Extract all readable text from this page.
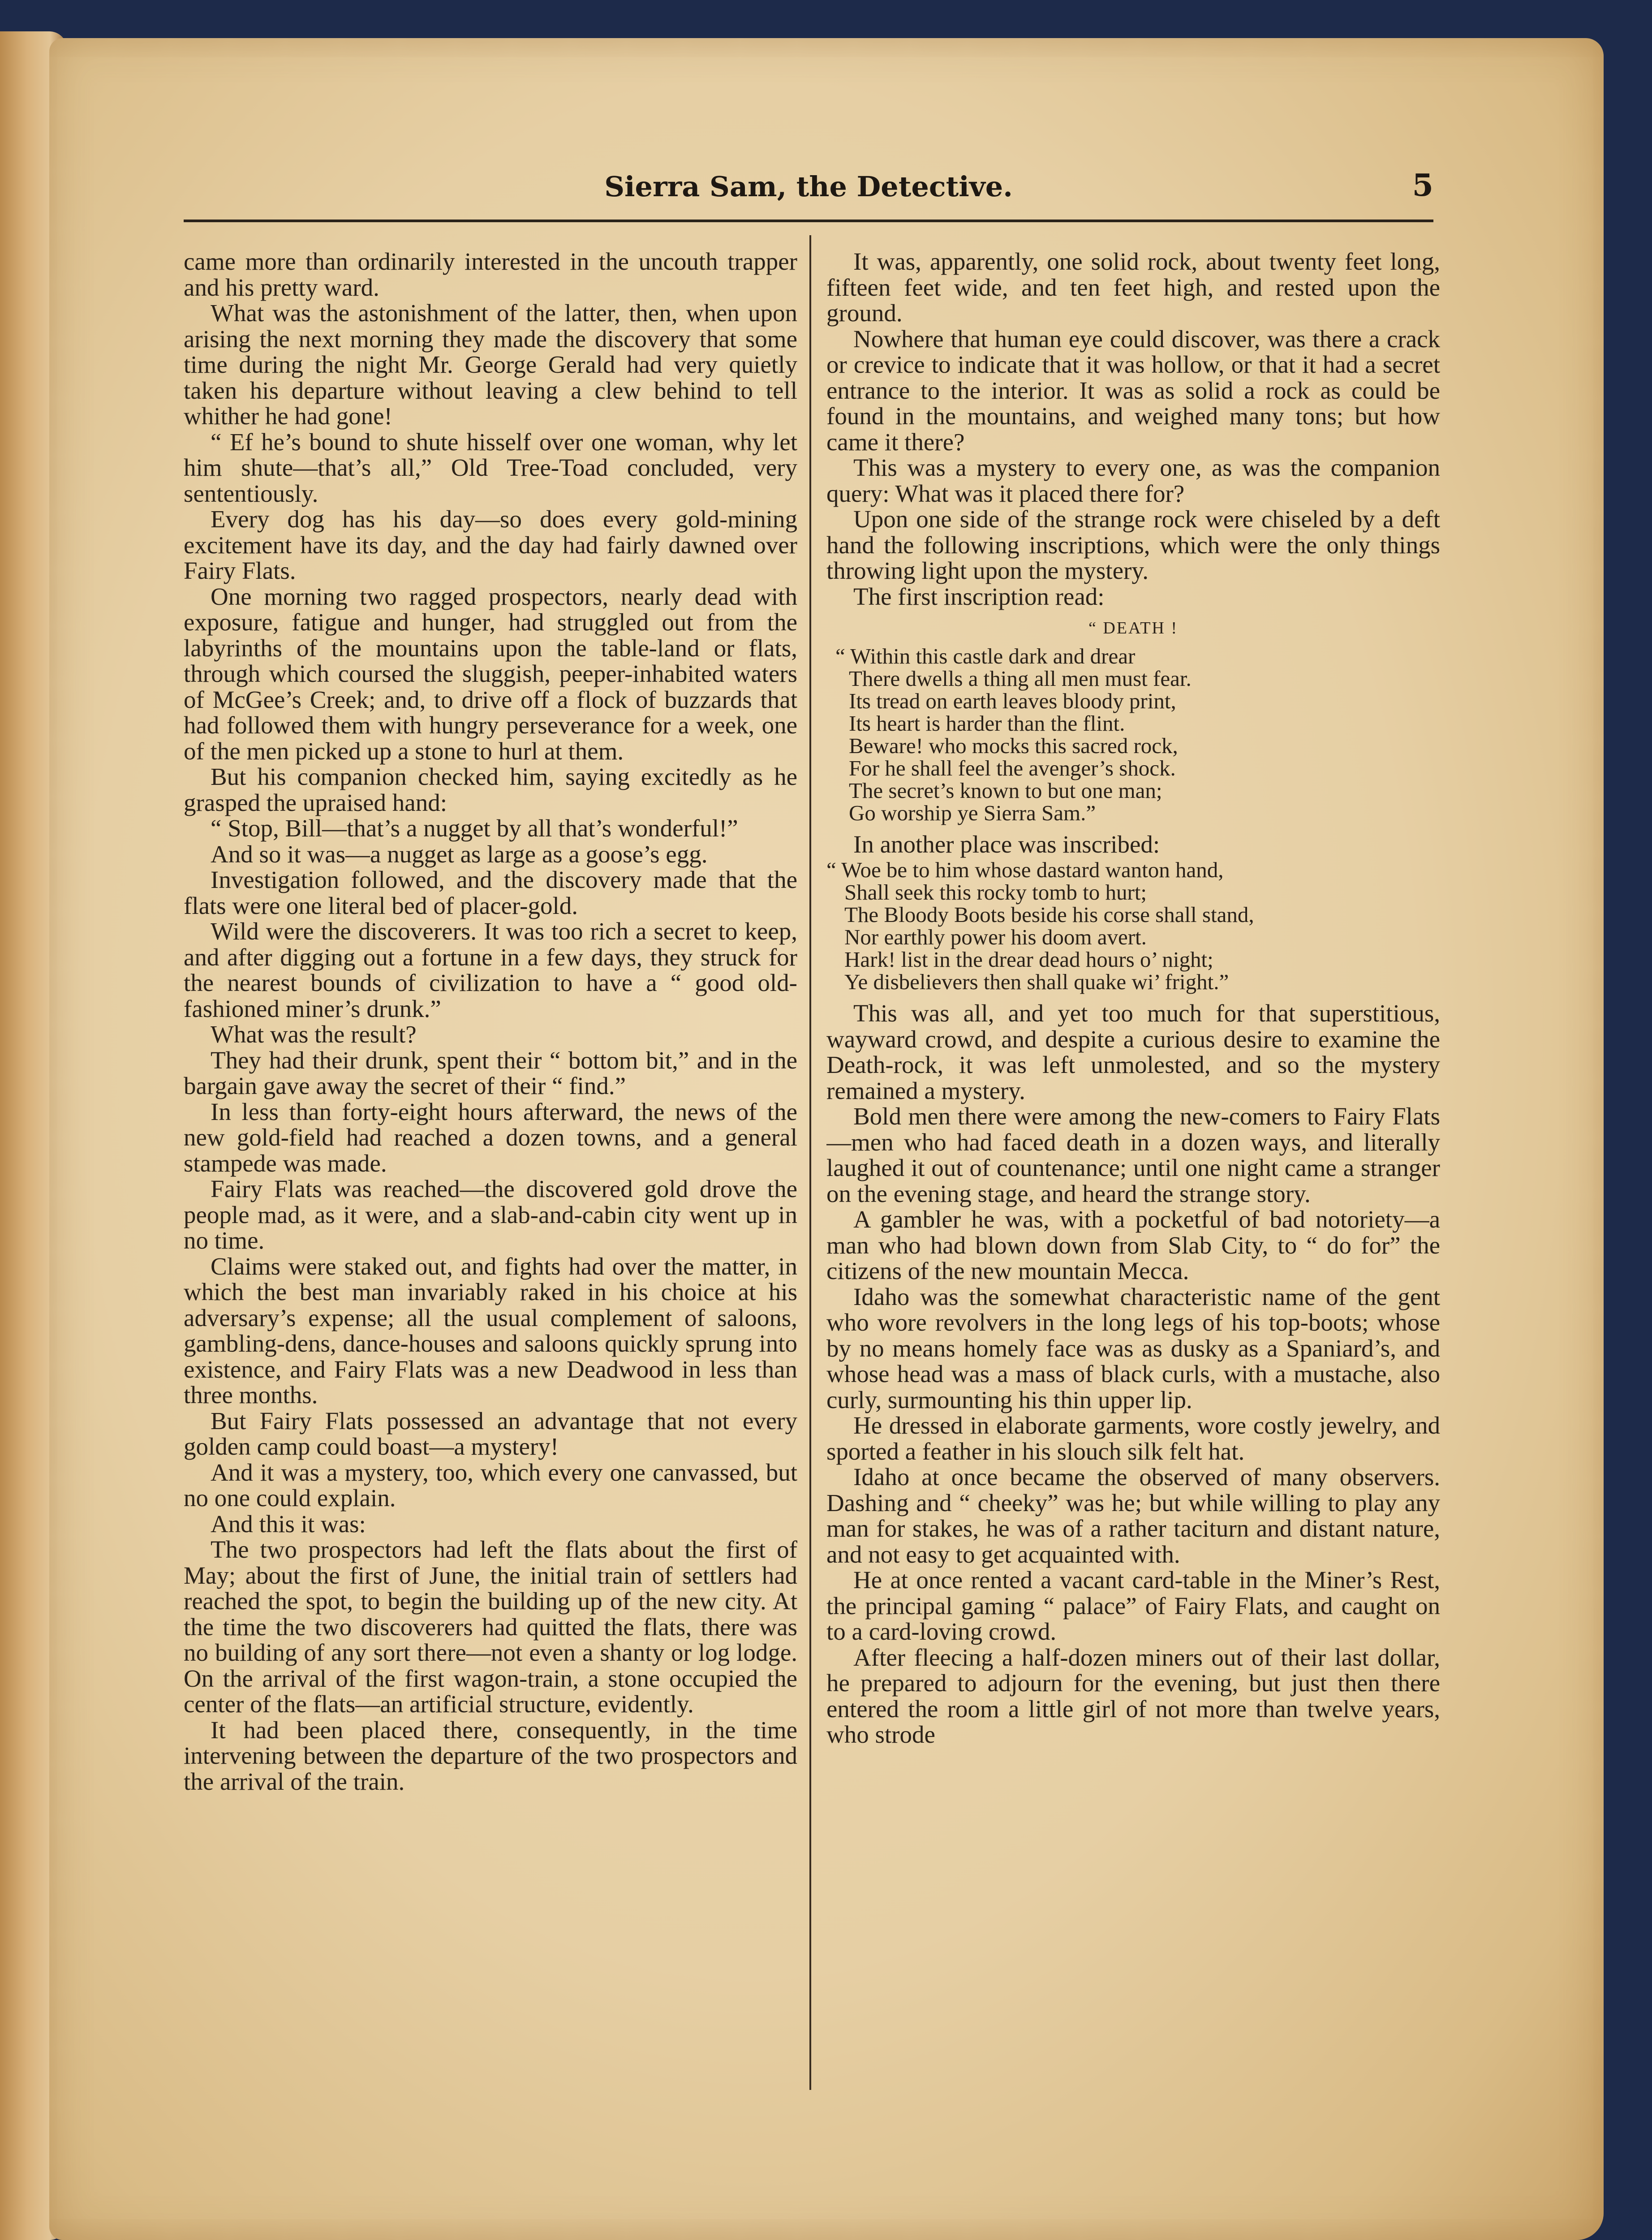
Sierra Sam, the Detective.	5

came more than ordinarily interested in the uncouth trapper and his pretty ward.

What was the astonishment of the latter, then, when upon arising the next morning they made the discovery that some time during the night Mr. George Gerald had very quietly taken his departure without leaving a clew behind to tell whither he had gone!

“ Ef he’s bound to shute hisself over one woman, why let him shute—that’s all,” Old Tree-Toad concluded, very sententiously.

Every dog has his day—so does every gold-mining excitement have its day, and the day had fairly dawned over Fairy Flats.

One morning two ragged prospectors, nearly dead with exposure, fatigue and hunger, had struggled out from the labyrinths of the mountains upon the table-land or flats, through which coursed the sluggish, peeper-inhabited waters of McGee’s Creek; and, to drive off a flock of buzzards that had followed them with hungry perseverance for a week, one of the men picked up a stone to hurl at them.

But his companion checked him, saying excitedly as he grasped the upraised hand:

“ Stop, Bill—that’s a nugget by all that’s wonderful!”

And so it was—a nugget as large as a goose’s egg.

Investigation followed, and the discovery made that the flats were one literal bed of placer-gold.

Wild were the discoverers. It was too rich a secret to keep, and after digging out a fortune in a few days, they struck for the nearest bounds of civilization to have a “ good old-fashioned miner’s drunk.”

What was the result?

They had their drunk, spent their “ bottom bit,” and in the bargain gave away the secret of their “ find.”

In less than forty-eight hours afterward, the news of the new gold-field had reached a dozen towns, and a general stampede was made.

Fairy Flats was reached—the discovered gold drove the people mad, as it were, and a slab-and-cabin city went up in no time.

Claims were staked out, and fights had over the matter, in which the best man invariably raked in his choice at his adversary’s expense; all the usual complement of saloons, gambling-dens, dance-houses and saloons quickly sprung into existence, and Fairy Flats was a new Deadwood in less than three months.

But Fairy Flats possessed an advantage that not every golden camp could boast—a mystery!

And it was a mystery, too, which every one canvassed, but no one could explain.

And this it was:

The two prospectors had left the flats about the first of May; about the first of June, the initial train of settlers had reached the spot, to begin the building up of the new city. At the time the two discoverers had quitted the flats, there was no building of any sort there—not even a shanty or log lodge. On the arrival of the first wagon-train, a stone occupied the center of the flats—an artificial structure, evidently.

It had been placed there, consequently, in the time intervening between the departure of the two prospectors and the arrival of the train.

It was, apparently, one solid rock, about twenty feet long, fifteen feet wide, and ten feet high, and rested upon the ground.

Nowhere that human eye could discover, was there a crack or crevice to indicate that it was hollow, or that it had a secret entrance to the interior. It was as solid a rock as could be found in the mountains, and weighed many tons; but how came it there?

This was a mystery to every one, as was the companion query: What was it placed there for?

Upon one side of the strange rock were chiseled by a deft hand the following inscriptions, which were the only things throwing light upon the mystery.

The first inscription read:

“ DEATH !
“ Within this castle dark and drear
There dwells a thing all men must fear.
Its tread on earth leaves bloody print,
Its heart is harder than the flint.
Beware! who mocks this sacred rock,
For he shall feel the avenger’s shock.
The secret’s known to but one man;
Go worship ye Sierra Sam.”

In another place was inscribed:

“ Woe be to him whose dastard wanton hand,
Shall seek this rocky tomb to hurt;
The Bloody Boots beside his corse shall stand,
Nor earthly power his doom avert.
Hark! list in the drear dead hours o’ night;
Ye disbelievers then shall quake wi’ fright.”

This was all, and yet too much for that superstitious, wayward crowd, and despite a curious desire to examine the Death-rock, it was left unmolested, and so the mystery remained a mystery.

Bold men there were among the new-comers to Fairy Flats—men who had faced death in a dozen ways, and literally laughed it out of countenance; until one night came a stranger on the evening stage, and heard the strange story.

A gambler he was, with a pocketful of bad notoriety—a man who had blown down from Slab City, to “ do for” the citizens of the new mountain Mecca.

Idaho was the somewhat characteristic name of the gent who wore revolvers in the long legs of his top-boots; whose by no means homely face was as dusky as a Spaniard’s, and whose head was a mass of black curls, with a mustache, also curly, surmounting his thin upper lip.

He dressed in elaborate garments, wore costly jewelry, and sported a feather in his slouch silk felt hat.

Idaho at once became the observed of many observers. Dashing and “ cheeky” was he; but while willing to play any man for stakes, he was of a rather taciturn and distant nature, and not easy to get acquainted with.

He at once rented a vacant card-table in the Miner’s Rest, the principal gaming “ palace” of Fairy Flats, and caught on to a card-loving crowd.

After fleecing a half-dozen miners out of their last dollar, he prepared to adjourn for the evening, but just then there entered the room a little girl of not more than twelve years, who strode
